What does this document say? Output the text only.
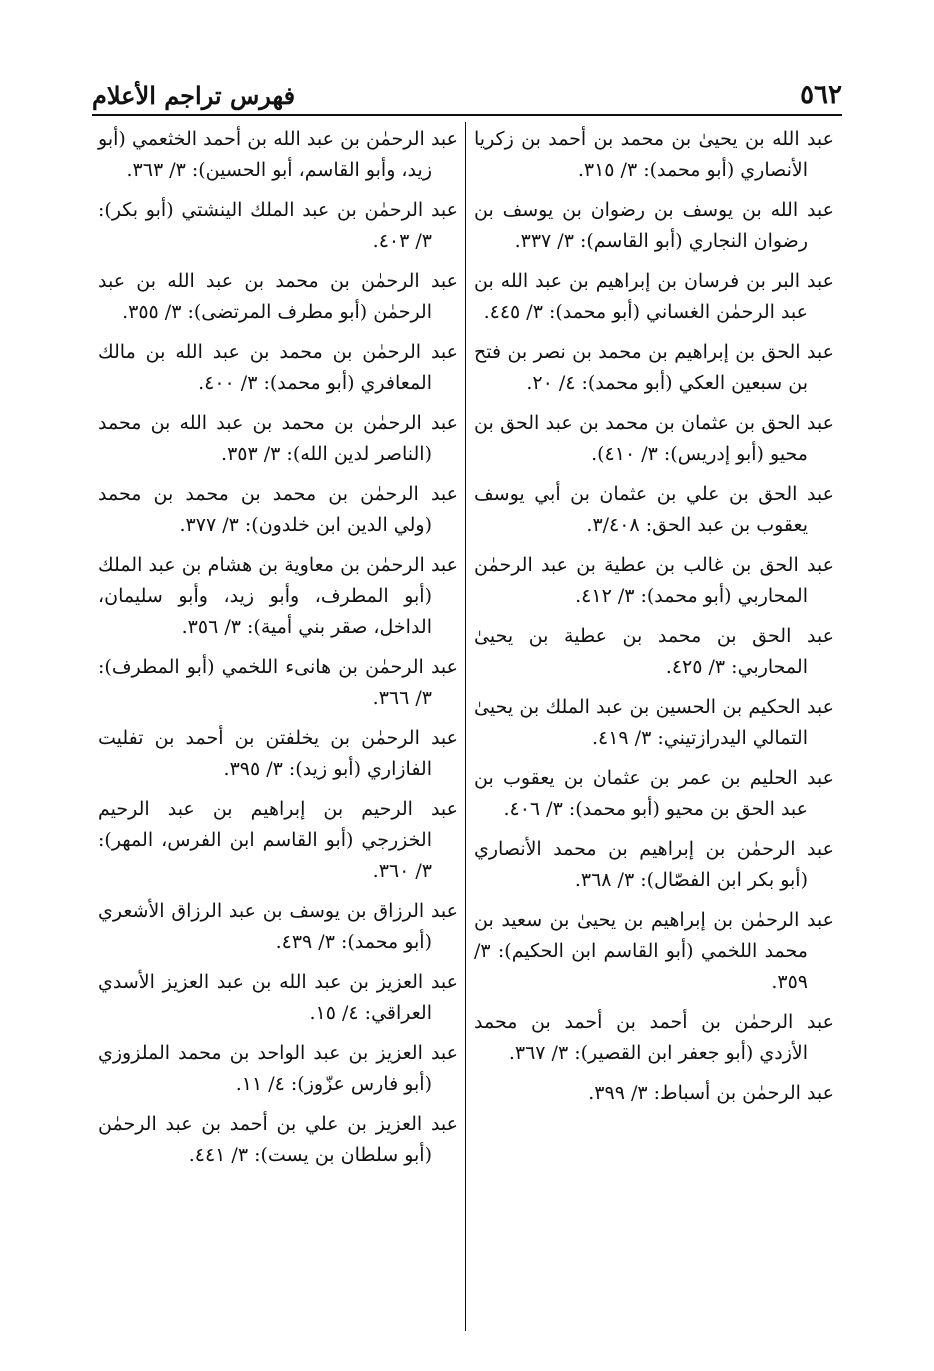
٥٦٢
فهرس تراجم الأعلام

عبد الله بن يحيىٰ بن محمد بن أحمد بن زكريا الأنصاري (أبو محمد): ٣/ ٣١٥.

عبد الله بن يوسف بن رضوان بن يوسف بن رضوان النجاري (أبو القاسم): ٣/ ٣٣٧.

عبد البر بن فرسان بن إبراهيم بن عبد الله بن عبد الرحمٰن الغساني (أبو محمد): ٣/ ٤٤٥.

عبد الحق بن إبراهيم بن محمد بن نصر بن فتح بن سبعين العكي (أبو محمد): ٤/ ٢٠.

عبد الحق بن عثمان بن محمد بن عبد الحق بن محيو (أبو إدريس): ٣/ ٤١٠).

عبد الحق بن علي بن عثمان بن أبي يوسف يعقوب بن عبد الحق: ٣/٤٠٨.

عبد الحق بن غالب بن عطية بن عبد الرحمٰن المحاربي (أبو محمد): ٣/ ٤١٢.

عبد الحق بن محمد بن عطية بن يحيىٰ المحاربي: ٣/ ٤٢٥.

عبد الحكيم بن الحسين بن عبد الملك بن يحيىٰ التمالي اليدرازتيني: ٣/ ٤١٩.

عبد الحليم بن عمر بن عثمان بن يعقوب بن عبد الحق بن محيو (أبو محمد): ٣/ ٤٠٦.

عبد الرحمٰن بن إبراهيم بن محمد الأنصاري (أبو بكر ابن الفصّال): ٣/ ٣٦٨.

عبد الرحمٰن بن إبراهيم بن يحيىٰ بن سعيد بن محمد اللخمي (أبو القاسم ابن الحكيم): ٣/ ٣٥٩.

عبد الرحمٰن بن أحمد بن أحمد بن محمد الأزدي (أبو جعفر ابن القصير): ٣/ ٣٦٧.

عبد الرحمٰن بن أسباط: ٣/ ٣٩٩.

عبد الرحمٰن بن عبد الله بن أحمد الخثعمي (أبو زيد، وأبو القاسم، أبو الحسين): ٣/ ٣٦٣.

عبد الرحمٰن بن عبد الملك الينشتي (أبو بكر): ٣/ ٤٠٣.

عبد الرحمٰن بن محمد بن عبد الله بن عبد الرحمٰن (أبو مطرف المرتضى): ٣/ ٣٥٥.

عبد الرحمٰن بن محمد بن عبد الله بن مالك المعافري (أبو محمد): ٣/ ٤٠٠.

عبد الرحمٰن بن محمد بن عبد الله بن محمد (الناصر لدين الله): ٣/ ٣٥٣.

عبد الرحمٰن بن محمد بن محمد بن محمد (ولي الدين ابن خلدون): ٣/ ٣٧٧.

عبد الرحمٰن بن معاوية بن هشام بن عبد الملك (أبو المطرف، وأبو زيد، وأبو سليمان، الداخل، صقر بني أمية): ٣/ ٣٥٦.

عبد الرحمٰن بن هانىء اللخمي (أبو المطرف): ٣/ ٣٦٦.

عبد الرحمٰن بن يخلفتن بن أحمد بن تفليت الفازاري (أبو زيد): ٣/ ٣٩٥.

عبد الرحيم بن إبراهيم بن عبد الرحيم الخزرجي (أبو القاسم ابن الفرس، المهر): ٣/ ٣٦٠.

عبد الرزاق بن يوسف بن عبد الرزاق الأشعري (أبو محمد): ٣/ ٤٣٩.

عبد العزيز بن عبد الله بن عبد العزيز الأسدي العراقي: ٤/ ١٥.

عبد العزيز بن عبد الواحد بن محمد الملزوزي (أبو فارس عزّوز): ٤/ ١١.

عبد العزيز بن علي بن أحمد بن عبد الرحمٰن (أبو سلطان بن يست): ٣/ ٤٤١.
